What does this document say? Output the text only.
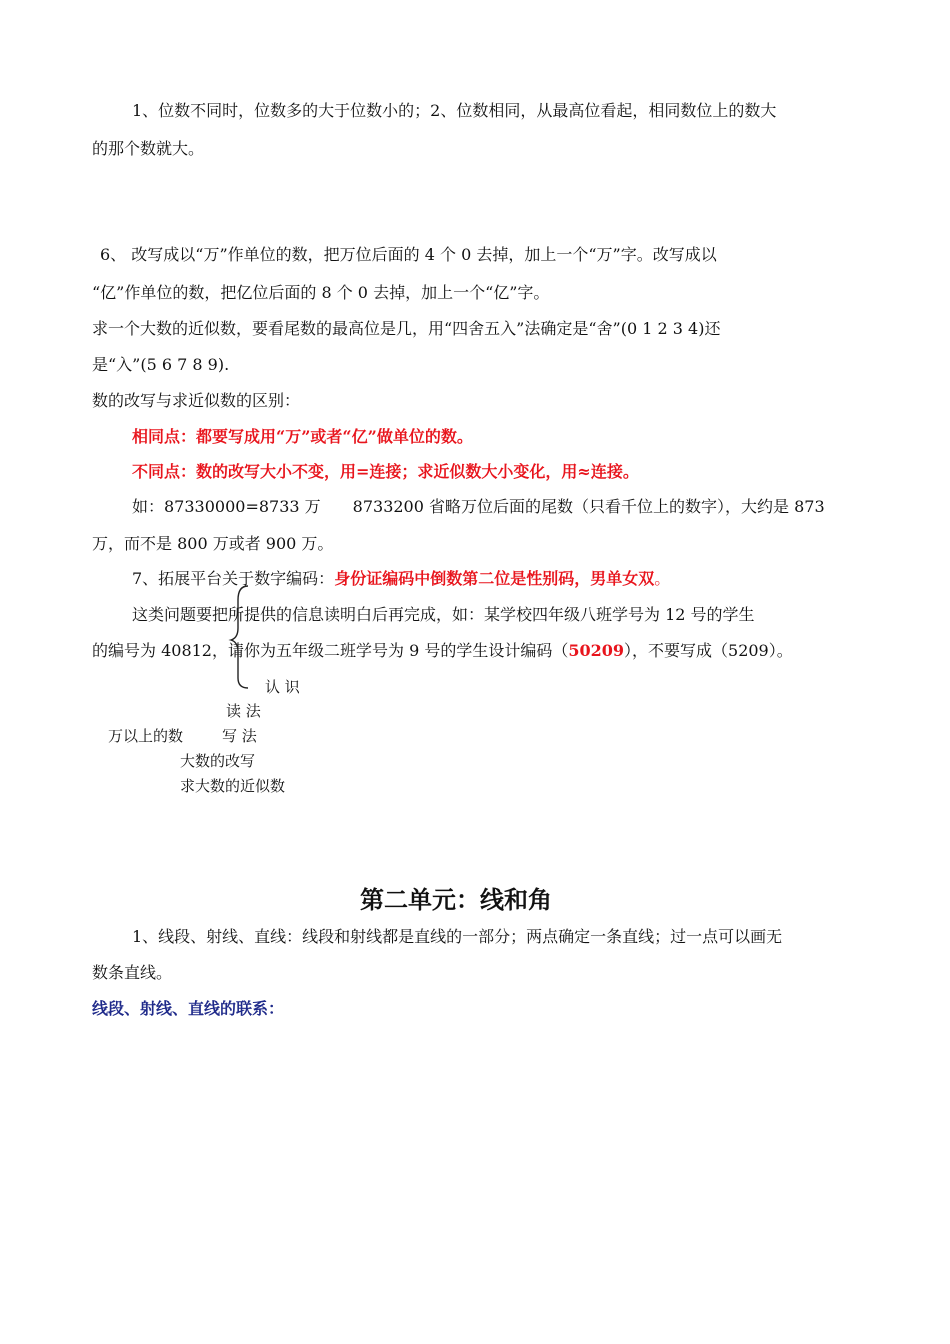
1、位数不同时，位数多的大于位数小的；2、位数相同，从最高位看起，相同数位上的数大
的那个数就大。
6、 改写成以“万”作单位的数，把万位后面的 4 个 0 去掉，加上一个“万”字。改写成以
“亿”作单位的数，把亿位后面的 8 个 0 去掉，加上一个“亿”字。
求一个大数的近似数，要看尾数的最高位是几，用“四舍五入”法确定是“舍”(0 1 2 3 4)还
是“入”(5 6 7 8 9).
数的改写与求近似数的区别：
相同点：都要写成用“万”或者“亿”做单位的数。
不同点：数的改写大小不变，用=连接；求近似数大小变化，用≈连接。
如：87330000=8733 万　　8733200 省略万位后面的尾数（只看千位上的数字），大约是 873
万，而不是 800 万或者 900 万。
7、拓展平台关于数字编码：身份证编码中倒数第二位是性别码，男单女双。
这类问题要把所提供的信息读明白后再完成，如：某学校四年级八班学号为 12 号的学生
的编号为 40812，请你为五年级二班学号为 9 号的学生设计编码（50209），不要写成（5209）。
认 识
读 法
万以上的数	写 法
大数的改写
求大数的近似数
第二单元：线和角
1、线段、射线、直线：线段和射线都是直线的一部分；两点确定一条直线；过一点可以画无
数条直线。
线段、射线、直线的联系：
